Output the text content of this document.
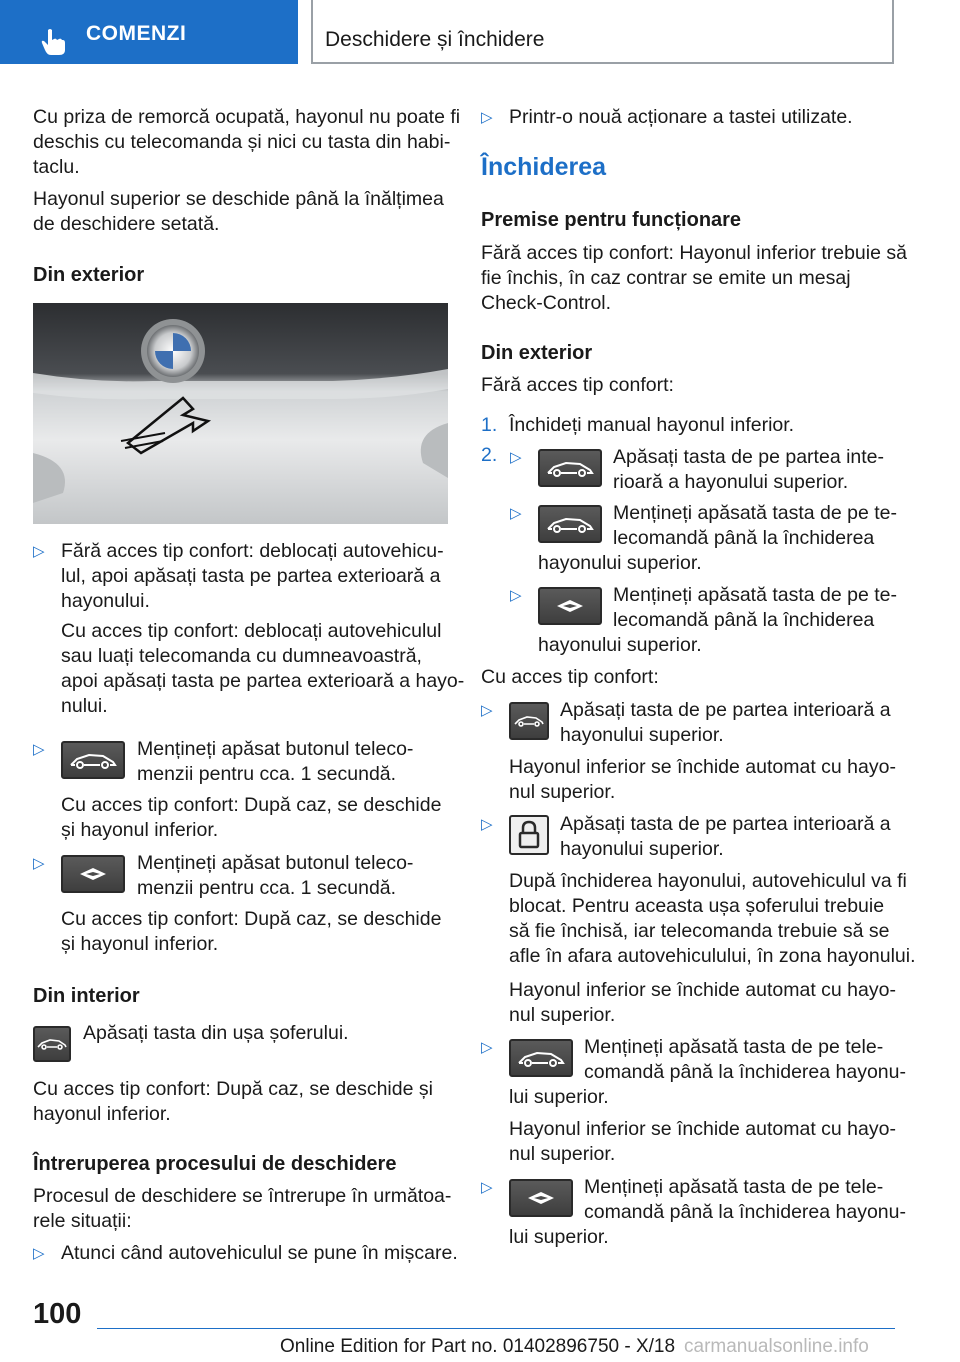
COMENZI	Deschidere și închidere
Cu priza de remorcă ocupată, hayonul nu poate fi
deschis cu telecomanda și nici cu tasta din habi-
taclu.
Hayonul superior se deschide până la înălțimea
de deschidere setată.
Din exterior
▷ Fără acces tip confort: deblocați autovehicu-
lul, apoi apăsați tasta pe partea exterioară a
hayonului.
Cu acces tip confort: deblocați autovehiculul
sau luați telecomanda cu dumneavoastră,
apoi apăsați tasta pe partea exterioară a hayo-
nului.
▷	Mențineți apăsat butonul teleco-
menzii pentru cca. 1 secundă.
Cu acces tip confort: După caz, se deschide
și hayonul inferior.
▷	Mențineți apăsat butonul teleco-
menzii pentru cca. 1 secundă.
Cu acces tip confort: După caz, se deschide
și hayonul inferior.
Din interior
Apăsați tasta din ușa șoferului.
Cu acces tip confort: După caz, se deschide și
hayonul inferior.
Întreruperea procesului de deschidere
Procesul de deschidere se întrerupe în următoa-
rele situații:
▷ Atunci când autovehiculul se pune în mișcare.
▷ Printr-o nouă acționare a tastei utilizate.
Închiderea
Premise pentru funcționare
Fără acces tip confort: Hayonul inferior trebuie să
fie închis, în caz contrar se emite un mesaj
Check-Control.
Din exterior
Fără acces tip confort:
1. Închideți manual hayonul inferior.
2. ▷	Apăsați tasta de pe partea inte-
rioară a hayonului superior.
▷	Mențineți apăsată tasta de pe te-
lecomandă până la închiderea
hayonului superior.
▷	Mențineți apăsată tasta de pe te-
lecomandă până la închiderea
hayonului superior.
Cu acces tip confort:
▷	Apăsați tasta de pe partea interioară a
hayonului superior.
Hayonul inferior se închide automat cu hayo-
nul superior.
▷	Apăsați tasta de pe partea interioară a
hayonului superior.
După închiderea hayonului, autovehiculul va fi
blocat. Pentru aceasta ușa șoferului trebuie
să fie închisă, iar telecomanda trebuie să se
afle în afara autovehiculului, în zona hayonului.
Hayonul inferior se închide automat cu hayo-
nul superior.
▷	Mențineți apăsată tasta de pe tele-
comandă până la închiderea hayonu-
lui superior.
Hayonul inferior se închide automat cu hayo-
nul superior.
▷	Mențineți apăsată tasta de pe tele-
comandă până la închiderea hayonu-
lui superior.
100
Online Edition for Part no. 01402896750 - X/18 carmanualsonline.info
